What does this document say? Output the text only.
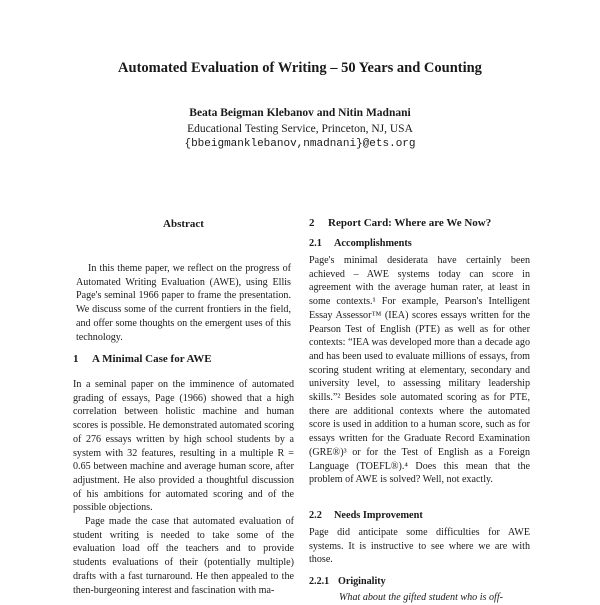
Automated Evaluation of Writing – 50 Years and Counting
Beata Beigman Klebanov and Nitin Madnani
Educational Testing Service, Princeton, NJ, USA
{bbeigmanklebanov,nmadnani}@ets.org
Abstract

In this theme paper, we reflect on the progress of Automated Writing Evaluation (AWE), using Ellis Page's seminal 1966 paper to frame the presentation. We discuss some of the current frontiers in the field, and offer some thoughts on the emergent uses of this technology.

1 A Minimal Case for AWE

In a seminal paper on the imminence of automated grading of essays, Page (1966) showed that a high correlation between holistic machine and human scores is possible. He demonstrated automated scoring of 276 essays written by high school students by a system with 32 features, resulting in a multiple R = 0.65 between machine and average human score, after adjustment. He also provided a thoughtful discussion of his ambitions for automated scoring and of the possible objections.

Page made the case that automated evaluation of student writing is needed to take some of the evaluation load off the teachers and to provide students evaluations of their (potentially multiple) drafts with a fast turnaround. He then appealed to the then-burgeoning interest and fascination with ma-

2 Report Card: Where are We Now?
2.1 Accomplishments

Page's minimal desiderata have certainly been achieved – AWE systems today can score in agreement with the average human rater, at least in some contexts.¹ For example, Pearson's Intelligent Essay Assessor™ (IEA) scores essays written for the Pearson Test of English (PTE) as well as for other contexts: “IEA was developed more than a decade ago and has been used to evaluate millions of essays, from scoring student writing at elementary, secondary and university level, to assessing military leadership skills.”² Besides sole automated scoring as for PTE, there are additional contexts where the automated score is used in addition to a human score, such as for essays written for the Graduate Record Examination (GRE®)³ or for the Test of English as a Foreign Language (TOEFL®).⁴ Does this mean that the problem of AWE is solved? Well, not exactly.

2.2 Needs Improvement

Page did anticipate some difficulties for AWE systems. It is instructive to see where we are with those.

2.2.1 Originality

What about the gifted student who is off-
